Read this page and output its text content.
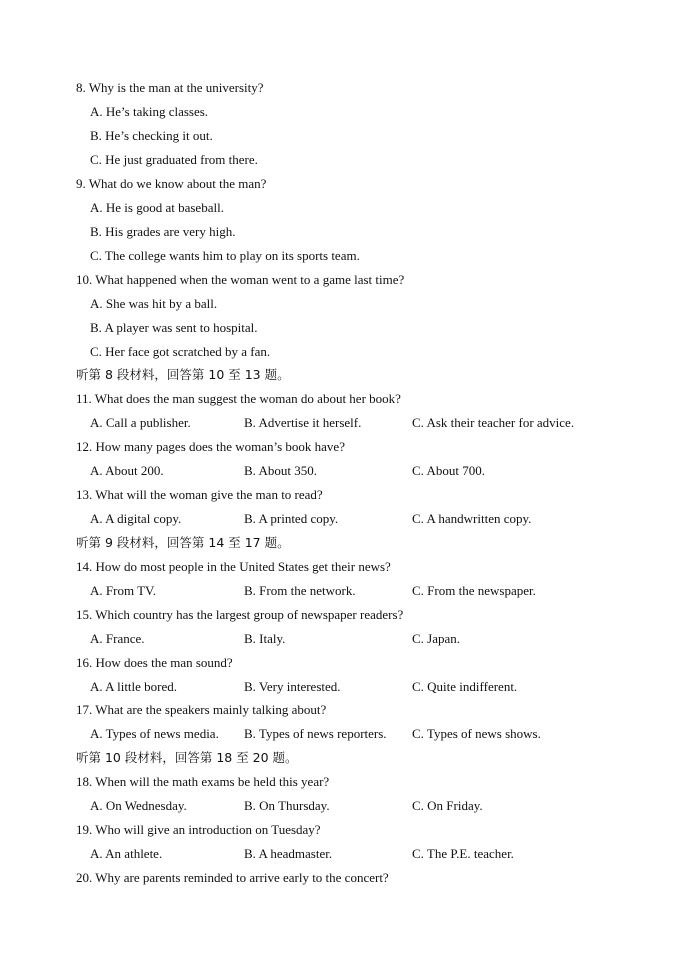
8. Why is the man at the university?
A. He’s taking classes.
B. He’s checking it out.
C. He just graduated from there.
9. What do we know about the man?
A. He is good at baseball.
B. His grades are very high.
C. The college wants him to play on its sports team.
10. What happened when the woman went to a game last time?
A. She was hit by a ball.
B. A player was sent to hospital.
C. Her face got scratched by a fan.
听第 8 段材料，回答第 10 至 13 题。
11. What does the man suggest the woman do about her book?
A. Call a publisher.	B. Advertise it herself.	C. Ask their teacher for advice.
12. How many pages does the woman’s book have?
A. About 200.	B. About 350.	C. About 700.
13. What will the woman give the man to read?
A. A digital copy.	B. A printed copy.	C. A handwritten copy.
听第 9 段材料，回答第 14 至 17 题。
14. How do most people in the United States get their news?
A. From TV.	B. From the network.	C. From the newspaper.
15. Which country has the largest group of newspaper readers?
A. France.	B. Italy.	C. Japan.
16. How does the man sound?
A. A little bored.	B. Very interested.	C. Quite indifferent.
17. What are the speakers mainly talking about?
A. Types of news media. B. Types of news reporters. C. Types of news shows.
听第 10 段材料，回答第 18 至 20 题。
18. When will the math exams be held this year?
A. On Wednesday.	B. On Thursday.	C. On Friday.
19. Who will give an introduction on Tuesday?
A. An athlete.	B. A headmaster.	C. The P.E. teacher.
20. Why are parents reminded to arrive early to the concert?
